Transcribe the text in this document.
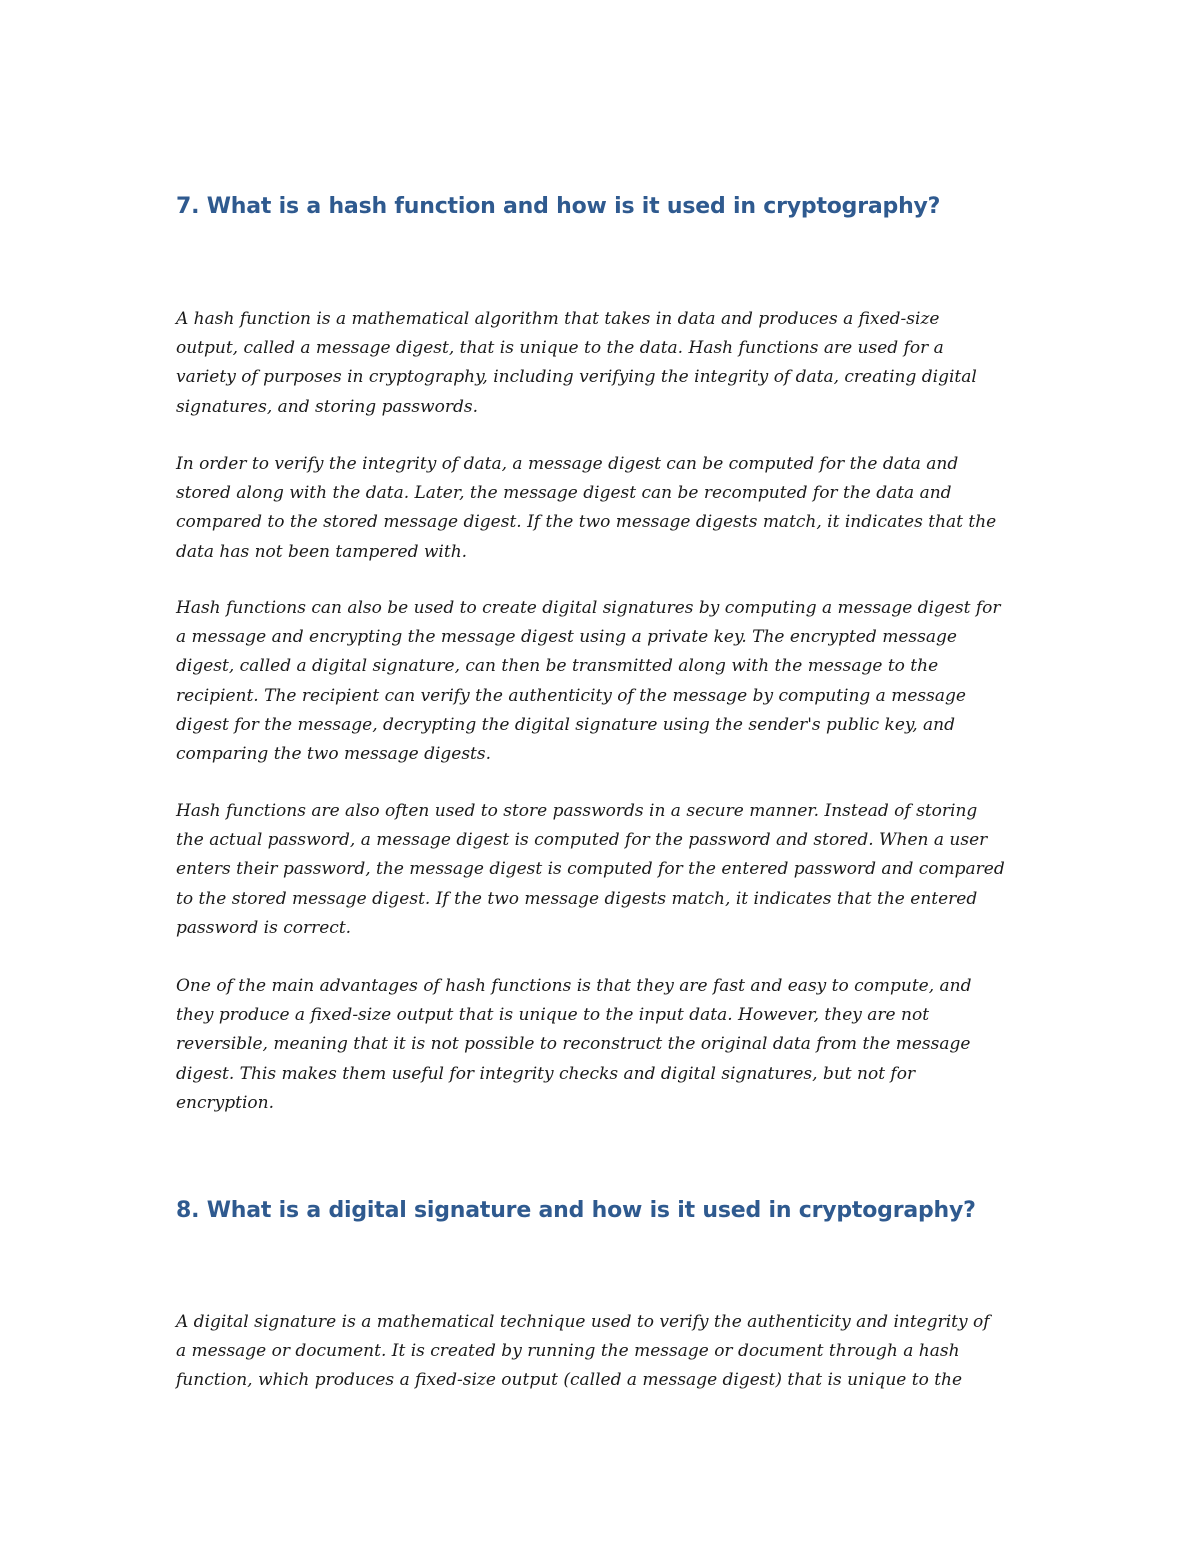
7. What is a hash function and how is it used in cryptography?

A hash function is a mathematical algorithm that takes in data and produces a fixed-size
output, called a message digest, that is unique to the data. Hash functions are used for a
variety of purposes in cryptography, including verifying the integrity of data, creating digital
signatures, and storing passwords.

In order to verify the integrity of data, a message digest can be computed for the data and
stored along with the data. Later, the message digest can be recomputed for the data and
compared to the stored message digest. If the two message digests match, it indicates that the
data has not been tampered with.

Hash functions can also be used to create digital signatures by computing a message digest for
a message and encrypting the message digest using a private key. The encrypted message
digest, called a digital signature, can then be transmitted along with the message to the
recipient. The recipient can verify the authenticity of the message by computing a message
digest for the message, decrypting the digital signature using the sender's public key, and
comparing the two message digests.

Hash functions are also often used to store passwords in a secure manner. Instead of storing
the actual password, a message digest is computed for the password and stored. When a user
enters their password, the message digest is computed for the entered password and compared
to the stored message digest. If the two message digests match, it indicates that the entered
password is correct.

One of the main advantages of hash functions is that they are fast and easy to compute, and
they produce a fixed-size output that is unique to the input data. However, they are not
reversible, meaning that it is not possible to reconstruct the original data from the message
digest. This makes them useful for integrity checks and digital signatures, but not for
encryption.

8. What is a digital signature and how is it used in cryptography?

A digital signature is a mathematical technique used to verify the authenticity and integrity of
a message or document. It is created by running the message or document through a hash
function, which produces a fixed-size output (called a message digest) that is unique to the
